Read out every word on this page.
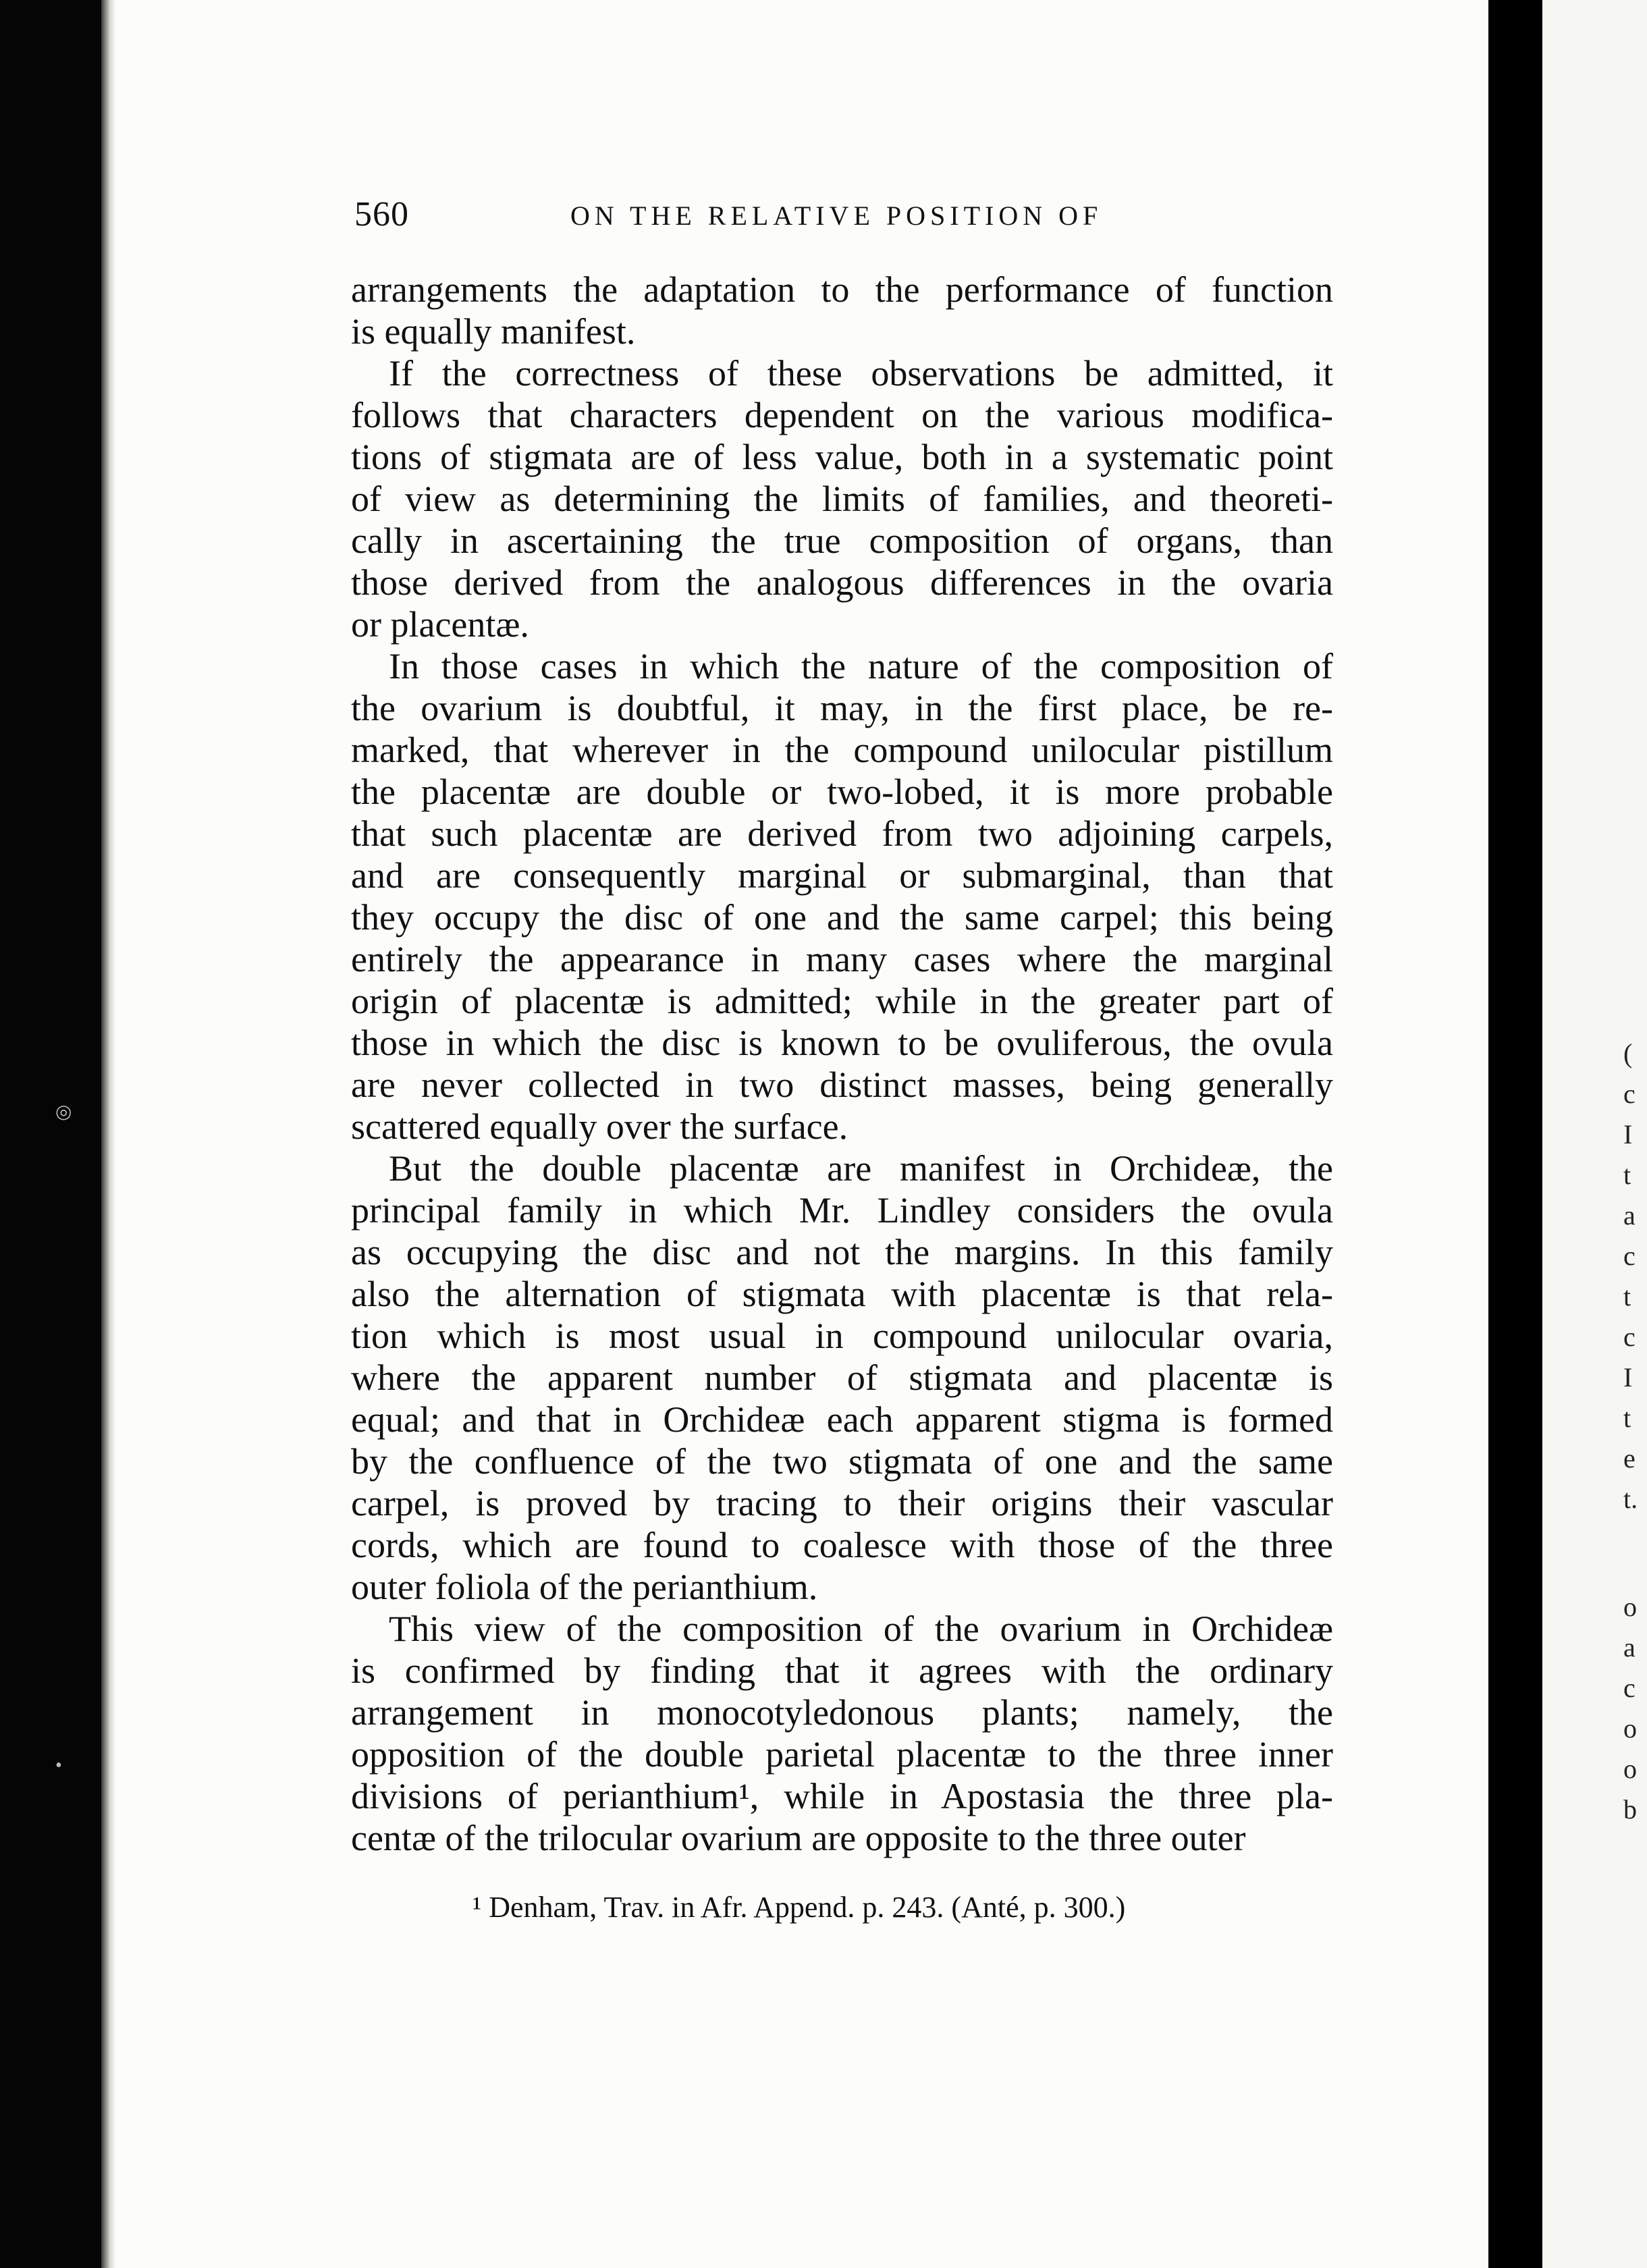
◎
•
(
c
I
t
a
c
t
c
I
t
e
t.
o
a
c
o
o
b
560	ON THE RELATIVE POSITION OF
arrangements the adaptation to the performance of function
is equally manifest.
If the correctness of these observations be admitted, it
follows that characters dependent on the various modifica-
tions of stigmata are of less value, both in a systematic point
of view as determining the limits of families, and theoreti-
cally in ascertaining the true composition of organs, than
those derived from the analogous differences in the ovaria
or placentæ.
In those cases in which the nature of the composition of
the ovarium is doubtful, it may, in the first place, be re-
marked, that wherever in the compound unilocular pistillum
the placentæ are double or two-lobed, it is more probable
that such placentæ are derived from two adjoining carpels,
and are consequently marginal or submarginal, than that
they occupy the disc of one and the same carpel; this being
entirely the appearance in many cases where the marginal
origin of placentæ is admitted; while in the greater part of
those in which the disc is known to be ovuliferous, the ovula
are never collected in two distinct masses, being generally
scattered equally over the surface.
But the double placentæ are manifest in Orchideæ, the
principal family in which Mr. Lindley considers the ovula
as occupying the disc and not the margins. In this family
also the alternation of stigmata with placentæ is that rela-
tion which is most usual in compound unilocular ovaria,
where the apparent number of stigmata and placentæ is
equal; and that in Orchideæ each apparent stigma is formed
by the confluence of the two stigmata of one and the same
carpel, is proved by tracing to their origins their vascular
cords, which are found to coalesce with those of the three
outer foliola of the perianthium.
This view of the composition of the ovarium in Orchideæ
is confirmed by finding that it agrees with the ordinary
arrangement in monocotyledonous plants; namely, the
opposition of the double parietal placentæ to the three inner
divisions of perianthium¹, while in Apostasia the three pla-
centæ of the trilocular ovarium are opposite to the three outer
¹ Denham, Trav. in Afr. Append. p. 243. (Anté, p. 300.)
